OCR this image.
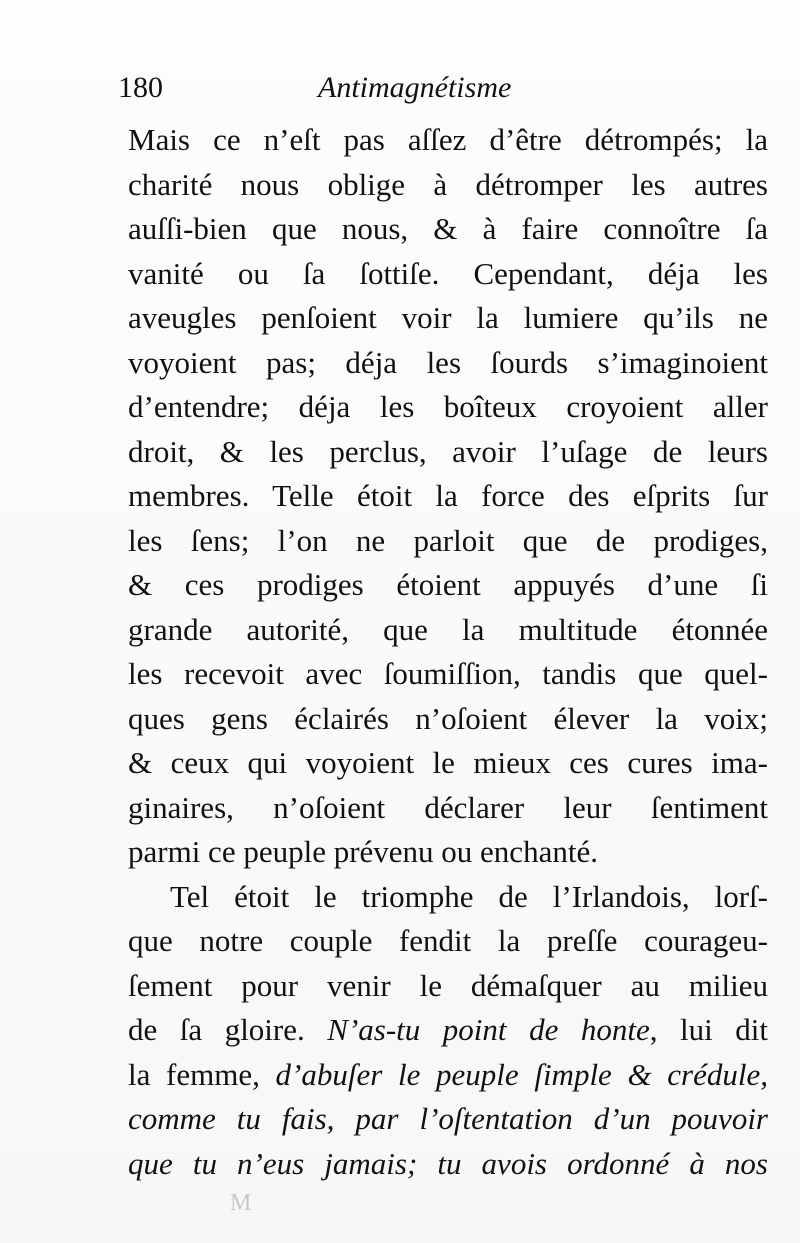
180	Antimagnétisme
Mais ce n’eſt pas aſſez d’être détrompés; la
charité nous oblige à détromper les autres
auſſi-bien que nous, & à faire connoître ſa
vanité ou ſa ſottiſe. Cependant, déja les
aveugles penſoient voir la lumiere qu’ils ne
voyoient pas; déja les ſourds s’imaginoient
d’entendre; déja les boîteux croyoient aller
droit, & les perclus, avoir l’uſage de leurs
membres. Telle étoit la force des eſprits ſur
les ſens; l’on ne parloit que de prodiges,
& ces prodiges étoient appuyés d’une ſi
grande autorité, que la multitude étonnée
les recevoit avec ſoumiſſion, tandis que quel-
ques gens éclairés n’oſoient élever la voix;
& ceux qui voyoient le mieux ces cures ima-
ginaires, n’oſoient déclarer leur ſentiment
parmi ce peuple prévenu ou enchanté.
Tel étoit le triomphe de l’Irlandois, lorſ-
que notre couple fendit la preſſe courageu-
ſement pour venir le démaſquer au milieu
de ſa gloire. N’as-tu point de honte, lui dit
la femme, d’abuſer le peuple ſimple & crédule,
comme tu fais, par l’oſtentation d’un pouvoir
que tu n’eus jamais; tu avois ordonné à nos
M
